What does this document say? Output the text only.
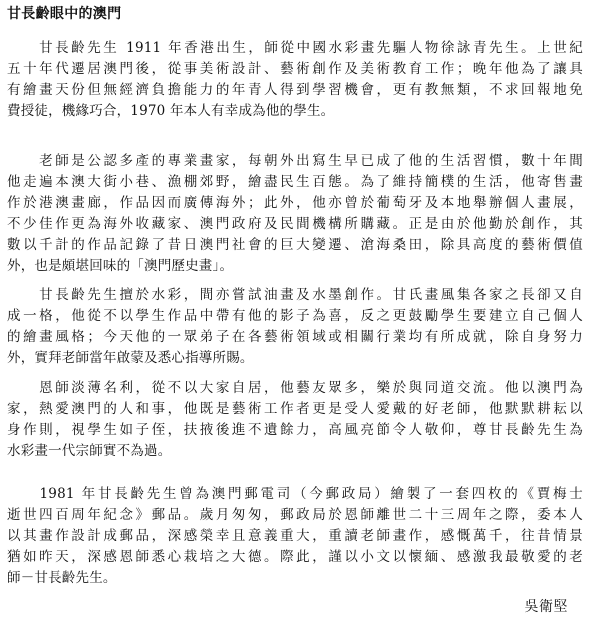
甘長齡眼中的澳門
　　甘長齡先生 1911 年香港出生，師從中國水彩畫先驅人物徐詠青先生。上世紀
五十年代遷居澳門後，從事美術設計、藝術創作及美術教育工作；晚年他為了讓具
有繪畫天份但無經濟負擔能力的年青人得到學習機會，更有教無類，不求回報地免
費授徒，機緣巧合，1970 年本人有幸成為他的學生。
　　老師是公認多產的專業畫家，每朝外出寫生早已成了他的生活習慣，數十年間
他走遍本澳大街小巷、漁棚郊野，繪盡民生百態。為了維持簡樸的生活，他寄售畫
作於港澳畫廊，作品因而廣傳海外；此外，他亦曾於葡萄牙及本地舉辦個人畫展，
不少佳作更為海外收藏家、澳門政府及民間機構所購藏。正是由於他勤於創作，其
數以千計的作品記錄了昔日澳門社會的巨大變遷、滄海桑田，除具高度的藝術價值
外，也是頗堪回味的「澳門歷史畫」。
　　甘長齡先生擅於水彩，間亦嘗試油畫及水墨創作。甘氏畫風集各家之長卻又自
成一格，他從不以學生作品中帶有他的影子為喜，反之更鼓勵學生要建立自己個人
的繪畫風格；今天他的一眾弟子在各藝術領域或相關行業均有所成就，除自身努力
外，實拜老師當年啟蒙及悉心指導所賜。
　　恩師淡薄名利，從不以大家自居，他藝友眾多，樂於與同道交流。他以澳門為
家，熱愛澳門的人和事，他既是藝術工作者更是受人愛戴的好老師，他默默耕耘以
身作則，視學生如子侄，扶掖後進不遺餘力，高風亮節令人敬仰，尊甘長齡先生為
水彩畫一代宗師實不為過。
　　1981 年甘長齡先生曾為澳門郵電司（今郵政局）繪製了一套四枚的《賈梅士
逝世四百周年紀念》郵品。歲月匆匆，郵政局於恩師離世二十三周年之際，委本人
以其畫作設計成郵品，深感榮幸且意義重大，重讀老師畫作，感慨萬千，往昔情景
猶如昨天，深感恩師悉心栽培之大德。際此，謹以小文以懷緬、感激我最敬愛的老
師－甘長齡先生。
吳衛堅
